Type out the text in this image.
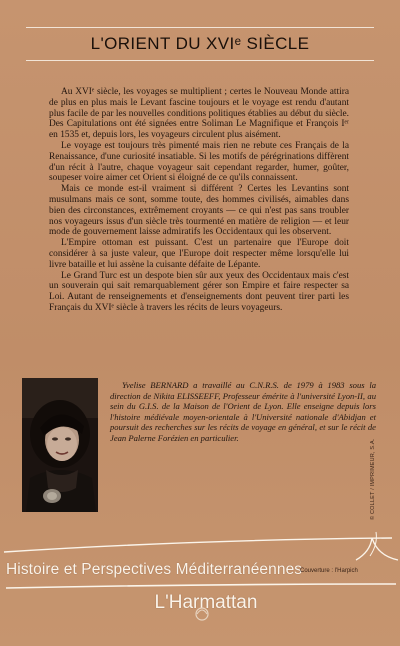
L'ORIENT DU XVIᵉ SIÈCLE

Au XVIᵉ siècle, les voyages se multiplient ; certes le Nouveau Monde attira de plus en plus mais le Levant fascine toujours et le voyage est rendu d'autant plus facile de par les nouvelles conditions politiques établies au début du siècle. Des Capitulations ont été signées entre Soliman Le Magnifique et François Iᵉʳ en 1535 et, depuis lors, les voyageurs circulent plus aisément.

Le voyage est toujours très pimenté mais rien ne rebute ces Français de la Renaissance, d'une curiosité insatiable. Si les motifs de pérégrinations diffèrent d'un récit à l'autre, chaque voyageur sait cependant regarder, humer, goûter, soupeser voire aimer cet Orient si éloigné de ce qu'ils connaissent.

Mais ce monde est-il vraiment si différent ? Certes les Levantins sont musulmans mais ce sont, somme toute, des hommes civilisés, aimables dans bien des circonstances, extrêmement croyants — ce qui n'est pas sans troubler nos voyageurs issus d'un siècle très tourmenté en matière de religion — et leur mode de gouvernement laisse admiratifs les Occidentaux qui les observent.

L'Empire ottoman est puissant. C'est un partenaire que l'Europe doit considérer à sa juste valeur, que l'Europe doit respecter même lorsqu'elle lui livre bataille et lui assène la cuisante défaite de Lépante.

Le Grand Turc est un despote bien sûr aux yeux des Occidentaux mais c'est un souverain qui sait remarquablement gérer son Empire et faire respecter sa Loi. Autant de renseignements et d'enseignements dont peuvent tirer parti les Français du XVIᵉ siècle à travers les récits de leurs voyageurs.

Yvelise BERNARD a travaillé au C.N.R.S. de 1979 à 1983 sous la direction de Nikita ELISSEEFF, Professeur émérite à l'université Lyon-II, au sein du G.I.S. de la Maison de l'Orient de Lyon. Elle enseigne depuis lors l'histoire médiévale moyen-orientale à l'Université nationale d'Abidjan et poursuit des recherches sur les récits de voyage en général, et sur le récit de Jean Palerne Forézien en particulier.
© COLLET / IMPRIMEUR, S.A.
Histoire et Perspectives Méditerranéennes
Couverture : l'Harpich
L'Harmattan
